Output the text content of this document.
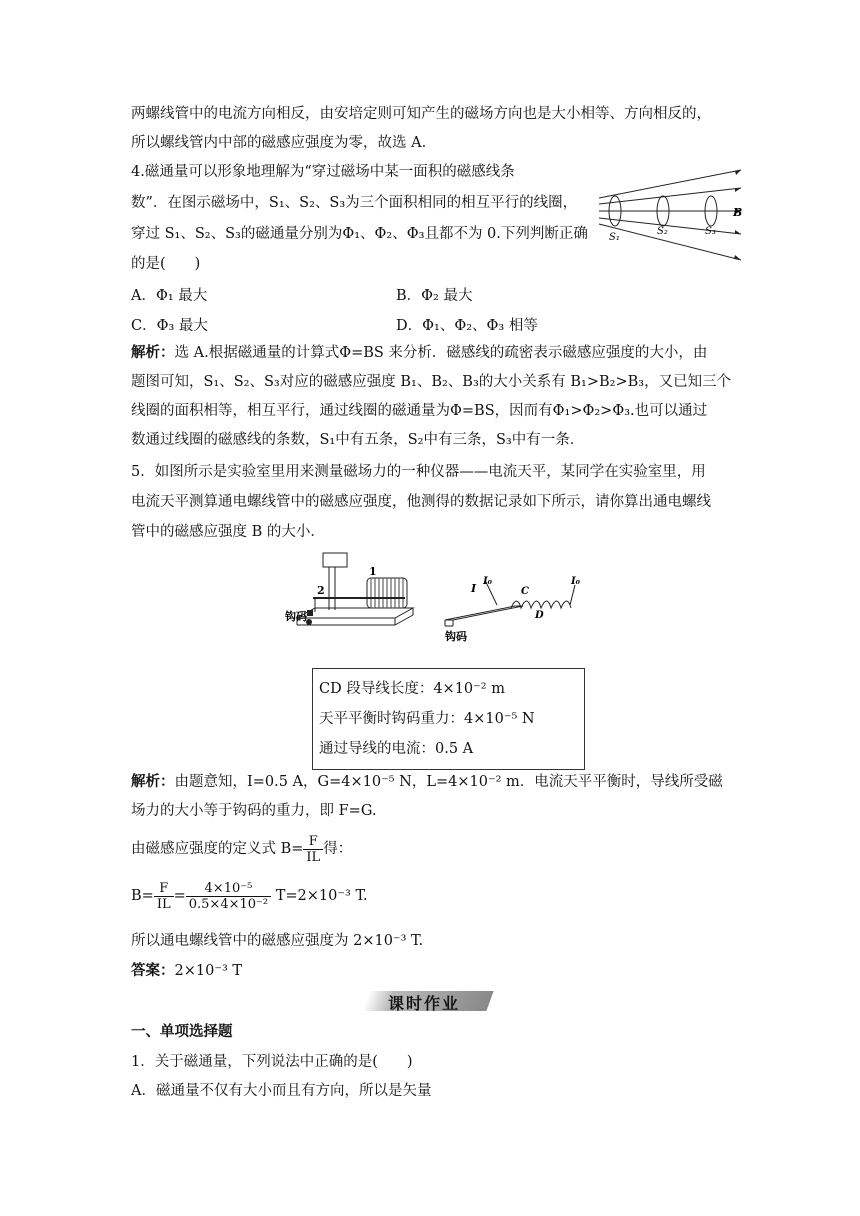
两螺线管中的电流方向相反，由安培定则可知产生的磁场方向也是大小相等、方向相反的，
所以螺线管内中部的磁感应强度为零，故选 A.
4.磁通量可以形象地理解为“穿过磁场中某一面积的磁感线条
数”．在图示磁场中，S₁、S₂、S₃为三个面积相同的相互平行的线圈，
穿过 S₁、S₂、S₃的磁通量分别为Φ₁、Φ₂、Φ₃且都不为 0.下列判断正确
的是(　　)
S₁
S₂	S₃
B
A．Φ₁ 最大	B．Φ₂ 最大
C．Φ₃ 最大	D．Φ₁、Φ₂、Φ₃ 相等
解析：选 A.根据磁通量的计算式Φ=BS 来分析．磁感线的疏密表示磁感应强度的大小，由
题图可知，S₁、S₂、S₃对应的磁感应强度 B₁、B₂、B₃的大小关系有 B₁>B₂>B₃，又已知三个
线圈的面积相等，相互平行，通过线圈的磁通量为Φ=BS，因而有Φ₁>Φ₂>Φ₃.也可以通过
数通过线圈的磁感线的条数，S₁中有五条，S₂中有三条，S₃中有一条．
5．如图所示是实验室里用来测量磁场力的一种仪器——电流天平，某同学在实验室里，用
电流天平测算通电螺线管中的磁感应强度，他测得的数据记录如下所示，请你算出通电螺线
管中的磁感应强度 B 的大小．
2
1
钩码
钩码
I
I₀	I₀
C
D
CD 段导线长度：4×10⁻² m
天平平衡时钩码重力：4×10⁻⁵ N
通过导线的电流：0.5 A
解析：由题意知，I=0.5 A，G=4×10⁻⁵ N，L=4×10⁻² m．电流天平平衡时，导线所受磁
场力的大小等于钩码的重力，即 F=G.
由磁感应强度的定义式 $B= \frac{F}{IL}$ 得：
$B= \frac{F}{IL} = \frac{\text{4×10⁻⁵}}{\text{0.5×4×10⁻²}} T=2\times 10^{-3}$ T.
所以通电螺线管中的磁感应强度为 2×10⁻³ T.
答案：2×10⁻³ T
课时作业
一、单项选择题
1．关于磁通量，下列说法中正确的是(　　)
A．磁通量不仅有大小而且有方向，所以是矢量
